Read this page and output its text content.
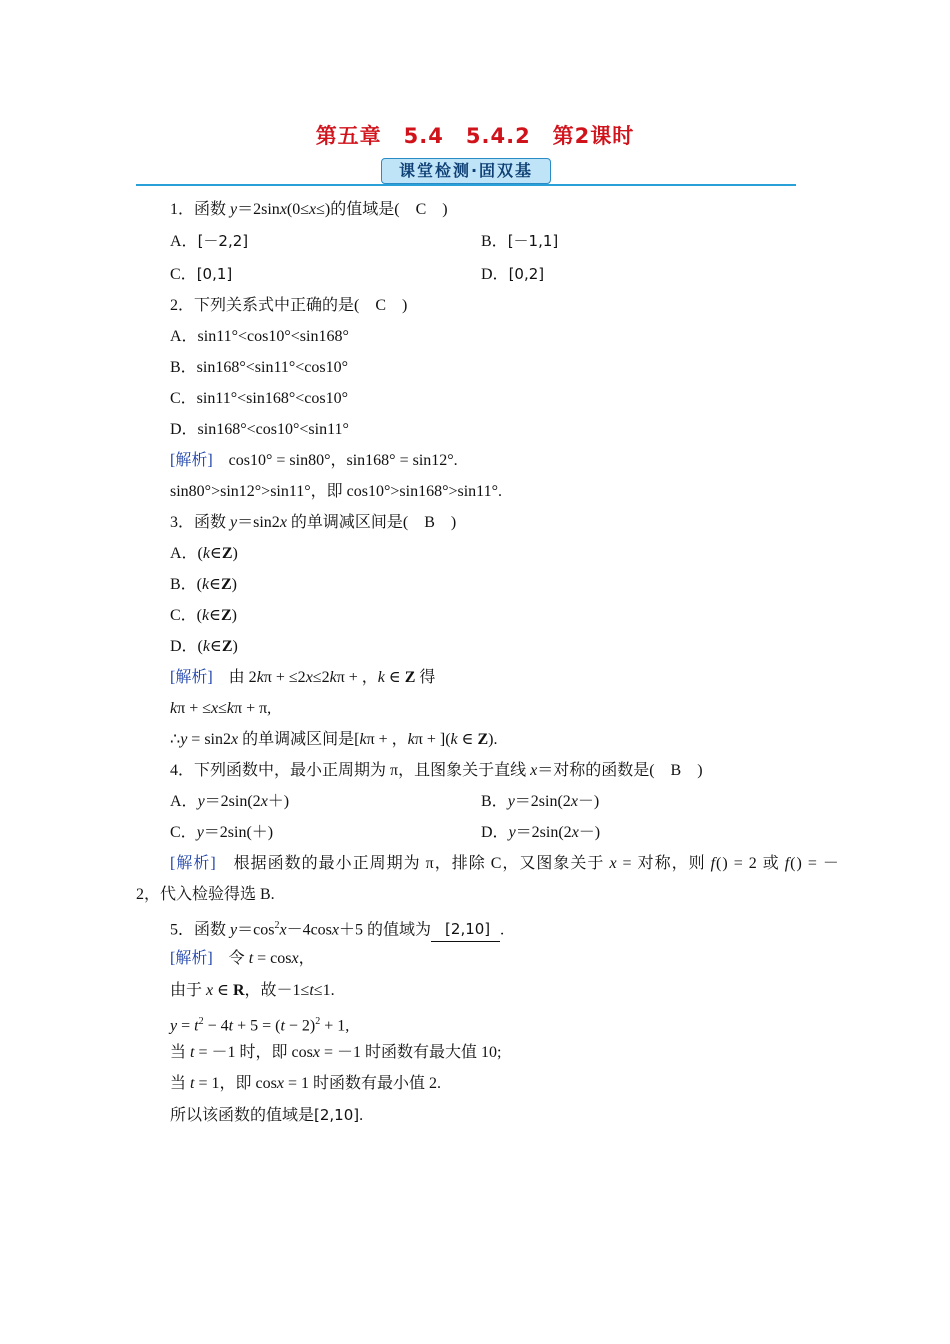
第五章　5.4　5.4.2　第2课时
课堂检测·固双基
1．函数 y＝2sinx(0≤x≤)的值域是(　C　)
A．[－2,2]	B．[－1,1]
C．[0,1]	D．[0,2]
2．下列关系式中正确的是(　C　)
A．sin11°<cos10°<sin168°
B．sin168°<sin11°<cos10°
C．sin11°<sin168°<cos10°
D．sin168°<cos10°<sin11°
[解析]　cos10° = sin80°，sin168° = sin12°.
sin80°>sin12°>sin11°，即 cos10°>sin168°>sin11°.
3．函数 y＝sin2x 的单调减区间是(　B　)
A．(k∈Z)
B．(k∈Z)
C．(k∈Z)
D．(k∈Z)
[解析]　由 2kπ + ≤2x≤2kπ + ，k ∈ Z 得
kπ + ≤x≤kπ + π,
∴y = sin2x 的单调减区间是[kπ + ，kπ + ](k ∈ Z).
4．下列函数中，最小正周期为 π，且图象关于直线 x＝对称的函数是(　B　)
A．y＝2sin(2x＋)	B．y＝2sin(2x－)
C．y＝2sin(＋)	D．y＝2sin(2x－)
[解析]　根据函数的最小正周期为 π，排除 C，又图象关于 x = 对称，则 f() = 2 或 f() = －
2，代入检验得选 B.
5．函数 $y=\cos^2x-4\cos x+5$ 的值域为 [2,10] .
[解析]　令 t = cosx，
由于 x ∈ R，故－1≤t≤1.
$y = t^2 - 4t + 5 = (t - 2)^2 + 1$,
当 t = －1 时，即 cosx = －1 时函数有最大值 10;
当 t = 1，即 cosx = 1 时函数有最小值 2.
所以该函数的值域是[2,10].
